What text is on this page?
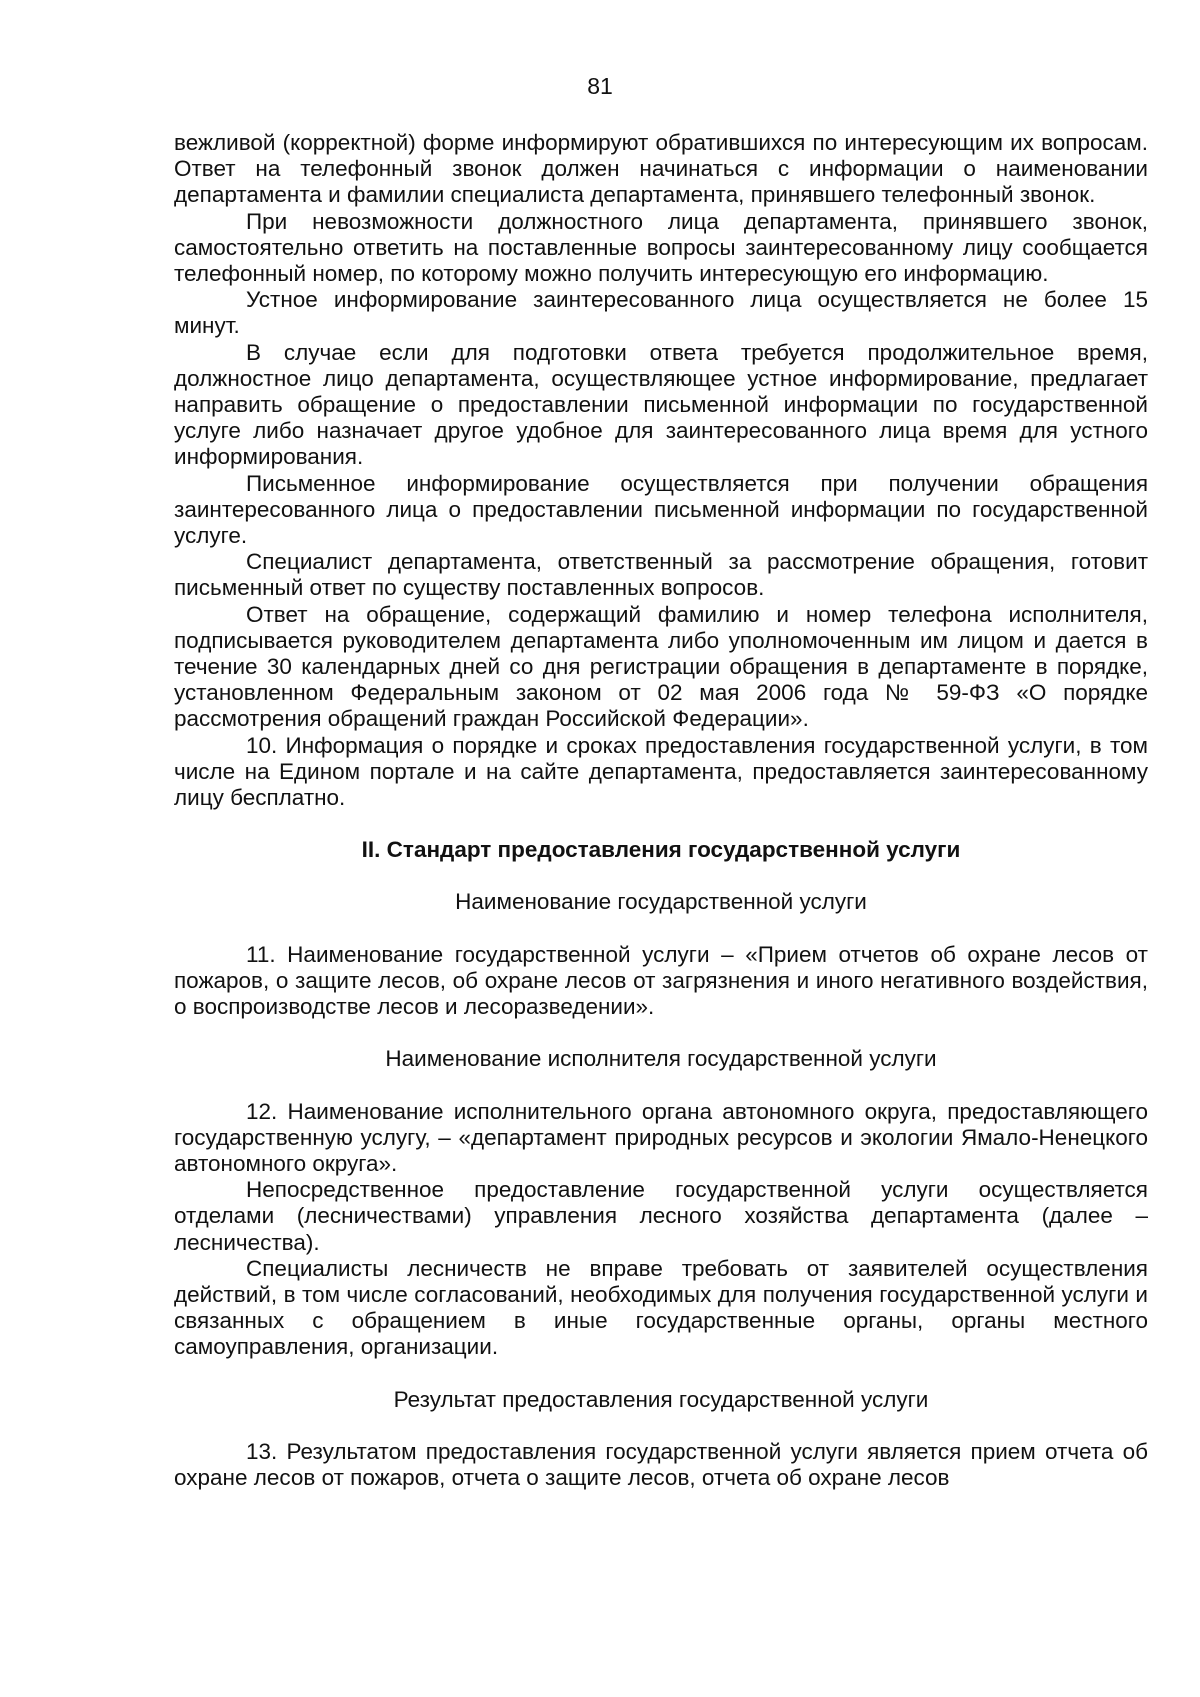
81

вежливой (корректной) форме информируют обратившихся по интересующим их вопросам. Ответ на телефонный звонок должен начинаться с информации о наименовании департамента и фамилии специалиста департамента, принявшего телефонный звонок.

При невозможности должностного лица департамента, принявшего звонок, самостоятельно ответить на поставленные вопросы заинтересованному лицу сообщается телефонный номер, по которому можно получить интересующую его информацию.

Устное информирование заинтересованного лица осуществляется не более 15 минут.

В случае если для подготовки ответа требуется продолжительное время, должностное лицо департамента, осуществляющее устное информирование, предлагает направить обращение о предоставлении письменной информации по государственной услуге либо назначает другое удобное для заинтересованного лица время для устного информирования.

Письменное информирование осуществляется при получении обращения заинтересованного лица о предоставлении письменной информации по государственной услуге.

Специалист департамента, ответственный за рассмотрение обращения, готовит письменный ответ по существу поставленных вопросов.

Ответ на обращение, содержащий фамилию и номер телефона исполнителя, подписывается руководителем департамента либо уполномоченным им лицом и дается в течение 30 календарных дней со дня регистрации обращения в департаменте в порядке, установленном Федеральным законом от 02 мая 2006 года № 59-ФЗ «О порядке рассмотрения обращений граждан Российской Федерации».

10. Информация о порядке и сроках предоставления государственной услуги, в том числе на Едином портале и на сайте департамента, предоставляется заинтересованному лицу бесплатно.

II. Стандарт предоставления государственной услуги

Наименование государственной услуги

11. Наименование государственной услуги – «Прием отчетов об охране лесов от пожаров, о защите лесов, об охране лесов от загрязнения и иного негативного воздействия, о воспроизводстве лесов и лесоразведении».

Наименование исполнителя государственной услуги

12. Наименование исполнительного органа автономного округа, предоставляющего государственную услугу, – «департамент природных ресурсов и экологии Ямало-Ненецкого автономного округа».

Непосредственное предоставление государственной услуги осуществляется отделами (лесничествами) управления лесного хозяйства департамента (далее – лесничества).

Специалисты лесничеств не вправе требовать от заявителей осуществления действий, в том числе согласований, необходимых для получения государственной услуги и связанных с обращением в иные государственные органы, органы местного самоуправления, организации.

Результат предоставления государственной услуги

13. Результатом предоставления государственной услуги является прием отчета об охране лесов от пожаров, отчета о защите лесов, отчета об охране лесов
